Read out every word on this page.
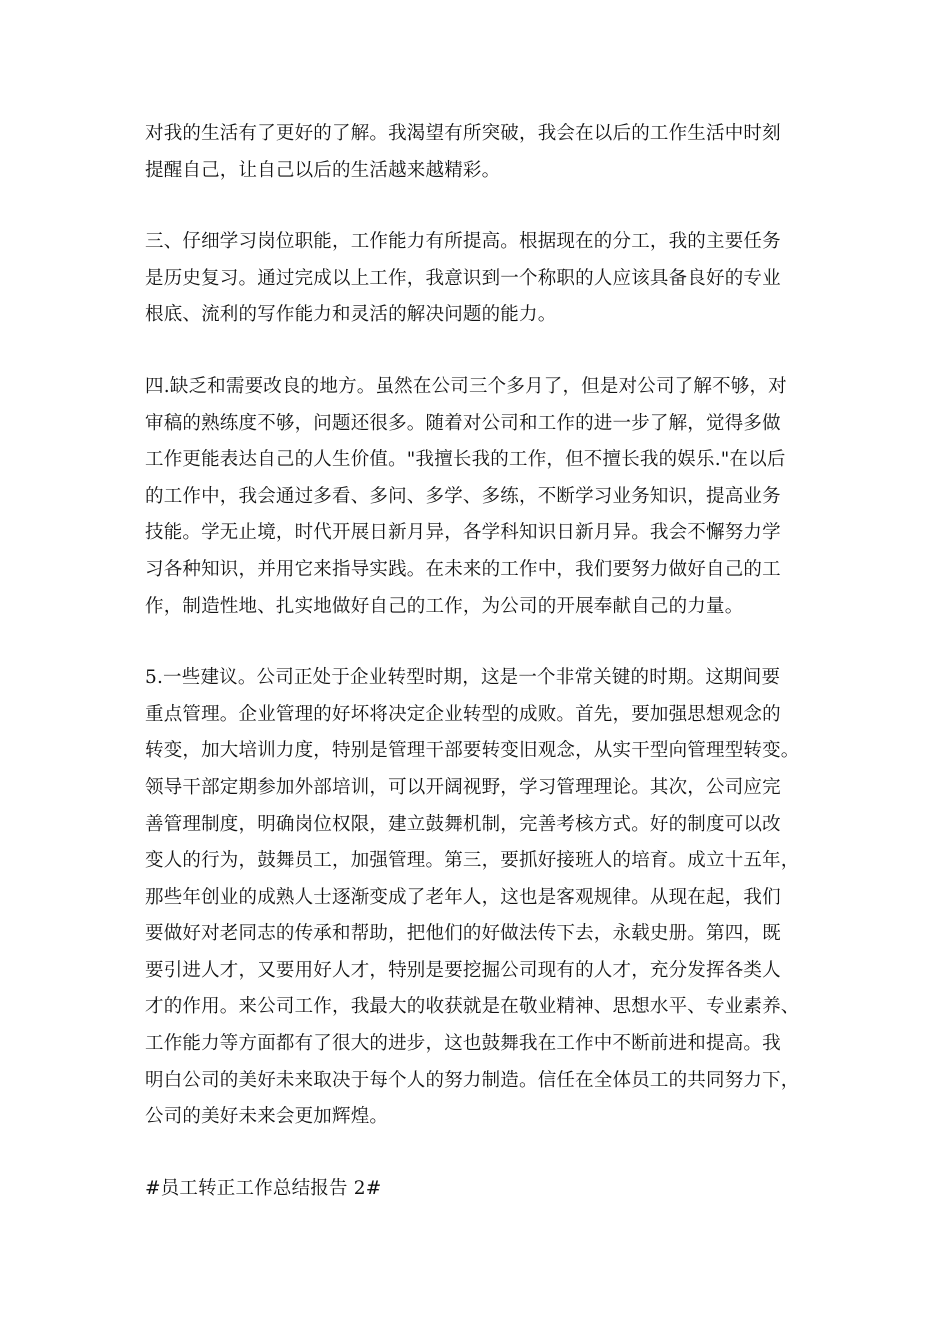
对我的生活有了更好的了解。我渴望有所突破，我会在以后的工作生活中时刻
提醒自己，让自己以后的生活越来越精彩。

三、仔细学习岗位职能，工作能力有所提高。根据现在的分工，我的主要任务
是历史复习。通过完成以上工作，我意识到一个称职的人应该具备良好的专业
根底、流利的写作能力和灵活的解决问题的能力。

四.缺乏和需要改良的地方。虽然在公司三个多月了，但是对公司了解不够，对
审稿的熟练度不够，问题还很多。随着对公司和工作的进一步了解，觉得多做
工作更能表达自己的人生价值。"我擅长我的工作，但不擅长我的娱乐."在以后
的工作中，我会通过多看、多问、多学、多练，不断学习业务知识，提高业务
技能。学无止境，时代开展日新月异，各学科知识日新月异。我会不懈努力学
习各种知识，并用它来指导实践。在未来的工作中，我们要努力做好自己的工
作，制造性地、扎实地做好自己的工作，为公司的开展奉献自己的力量。

5.一些建议。公司正处于企业转型时期，这是一个非常关键的时期。这期间要
重点管理。企业管理的好坏将决定企业转型的成败。首先，要加强思想观念的
转变，加大培训力度，特别是管理干部要转变旧观念，从实干型向管理型转变。
领导干部定期参加外部培训，可以开阔视野，学习管理理论。其次，公司应完
善管理制度，明确岗位权限，建立鼓舞机制，完善考核方式。好的制度可以改
变人的行为，鼓舞员工，加强管理。第三，要抓好接班人的培育。成立十五年，
那些年创业的成熟人士逐渐变成了老年人，这也是客观规律。从现在起，我们
要做好对老同志的传承和帮助，把他们的好做法传下去，永载史册。第四，既
要引进人才，又要用好人才，特别是要挖掘公司现有的人才，充分发挥各类人
才的作用。来公司工作，我最大的收获就是在敬业精神、思想水平、专业素养、
工作能力等方面都有了很大的进步，这也鼓舞我在工作中不断前进和提高。我
明白公司的美好未来取决于每个人的努力制造。信任在全体员工的共同努力下，
公司的美好未来会更加辉煌。

#员工转正工作总结报告 2#
